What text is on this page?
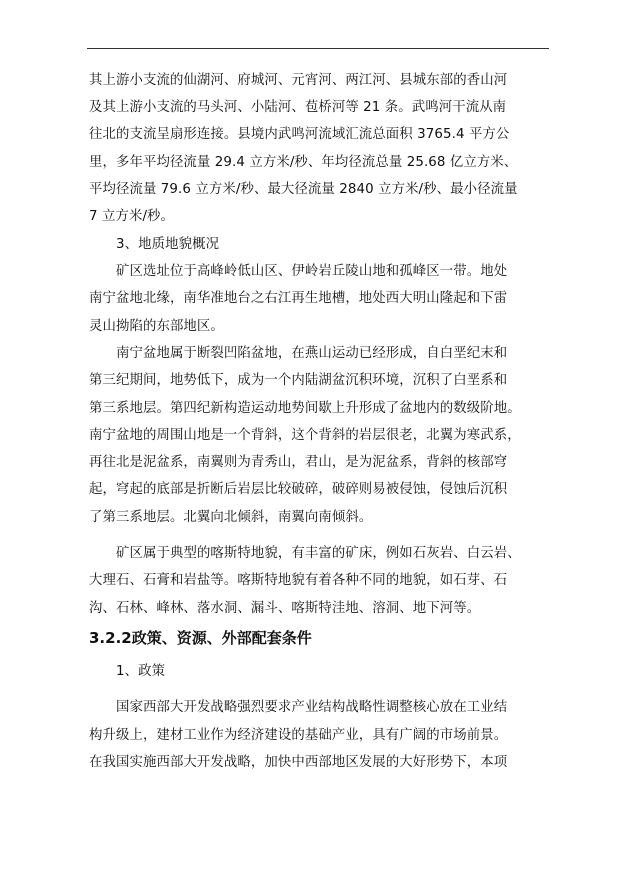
其上游小支流的仙湖河、府城河、元宵河、两江河、县城东部的香山河
及其上游小支流的马头河、小陆河、苞桥河等 21 条。武鸣河干流从南
往北的支流呈扇形连接。县境内武鸣河流域汇流总面积 3765.4 平方公
里，多年平均径流量 29.4 立方米/秒、年均径流总量 25.68 亿立方米、
平均径流量 79.6 立方米/秒、最大径流量 2840 立方米/秒、最小径流量
7 立方米/秒。
3、地质地貌概况
矿区选址位于高峰岭低山区、伊岭岩丘陵山地和孤峰区一带。地处
南宁盆地北缘，南华准地台之右江再生地槽，地处西大明山隆起和下雷
灵山拗陷的东部地区。
南宁盆地属于断裂凹陷盆地，在燕山运动已经形成，自白垩纪末和
第三纪期间，地势低下，成为一个内陆湖盆沉积环境，沉积了白垩系和
第三系地层。第四纪新构造运动地势间歇上升形成了盆地内的数级阶地。
南宁盆地的周围山地是一个背斜，这个背斜的岩层很老，北翼为寒武系，
再往北是泥盆系，南翼则为青秀山，君山，是为泥盆系，背斜的核部穹
起，穹起的底部是折断后岩层比较破碎，破碎则易被侵蚀，侵蚀后沉积
了第三系地层。北翼向北倾斜，南翼向南倾斜。
矿区属于典型的喀斯特地貌，有丰富的矿床，例如石灰岩、白云岩、
大理石、石膏和岩盐等。喀斯特地貌有着各种不同的地貌，如石芽、石
沟、石林、峰林、落水洞、漏斗、喀斯特洼地、溶洞、地下河等。
3.2.2政策、资源、外部配套条件
1、政策
国家西部大开发战略强烈要求产业结构战略性调整核心放在工业结
构升级上，建材工业作为经济建设的基础产业，具有广阔的市场前景。
在我国实施西部大开发战略，加快中西部地区发展的大好形势下，本项
